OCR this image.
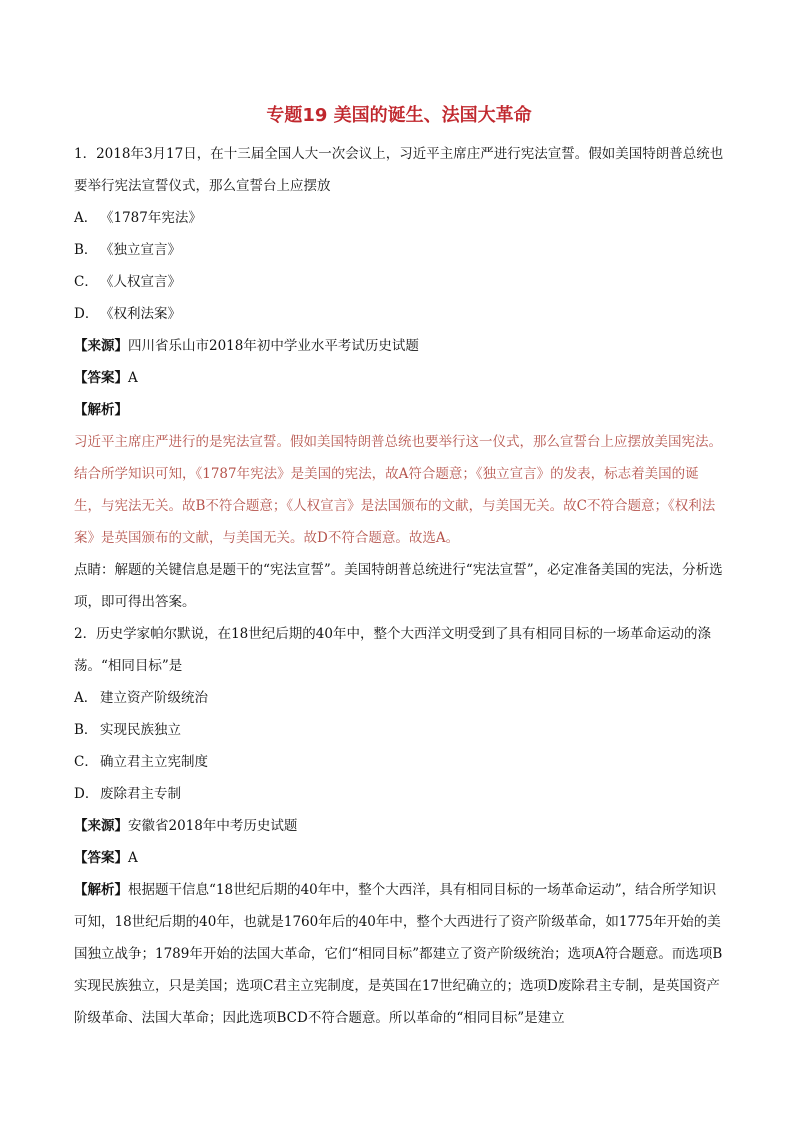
专题19 美国的诞生、法国大革命

1．2018年3月17日，在十三届全国人大一次会议上，习近平主席庄严进行宪法宣誓。假如美国特朗普总统也要举行宪法宣誓仪式，那么宣誓台上应摆放

A． 《1787年宪法》
B． 《独立宣言》
C． 《人权宣言》
D． 《权利法案》
【来源】四川省乐山市2018年初中学业水平考试历史试题
【答案】A
【解析】

习近平主席庄严进行的是宪法宣誓。假如美国特朗普总统也要举行这一仪式，那么宣誓台上应摆放美国宪法。结合所学知识可知，《1787年宪法》是美国的宪法，故A符合题意；《独立宣言》的发表，标志着美国的诞生，与宪法无关。故B不符合题意；《人权宣言》是法国颁布的文献，与美国无关。故C不符合题意；《权利法案》是英国颁布的文献，与美国无关。故D不符合题意。故选A。

点睛：解题的关键信息是题干的“宪法宣誓”。美国特朗普总统进行“宪法宣誓”，必定准备美国的宪法，分析选项，即可得出答案。

2．历史学家帕尔默说，在18世纪后期的40年中，整个大西洋文明受到了具有相同目标的一场革命运动的涤荡。“相同目标”是

A． 建立资产阶级统治
B． 实现民族独立
C． 确立君主立宪制度
D． 废除君主专制
【来源】安徽省2018年中考历史试题
【答案】A

【解析】根据题干信息“18世纪后期的40年中，整个大西洋，具有相同目标的一场革命运动”，结合所学知识可知，18世纪后期的40年，也就是1760年后的40年中，整个大西进行了资产阶级革命，如1775年开始的美国独立战争；1789年开始的法国大革命，它们“相同目标”都建立了资产阶级统治；选项A符合题意。而选项B实现民族独立，只是美国；选项C君主立宪制度，是英国在17世纪确立的；选项D废除君主专制，是英国资产阶级革命、法国大革命；因此选项BCD不符合题意。所以革命的“相同目标”是建立
